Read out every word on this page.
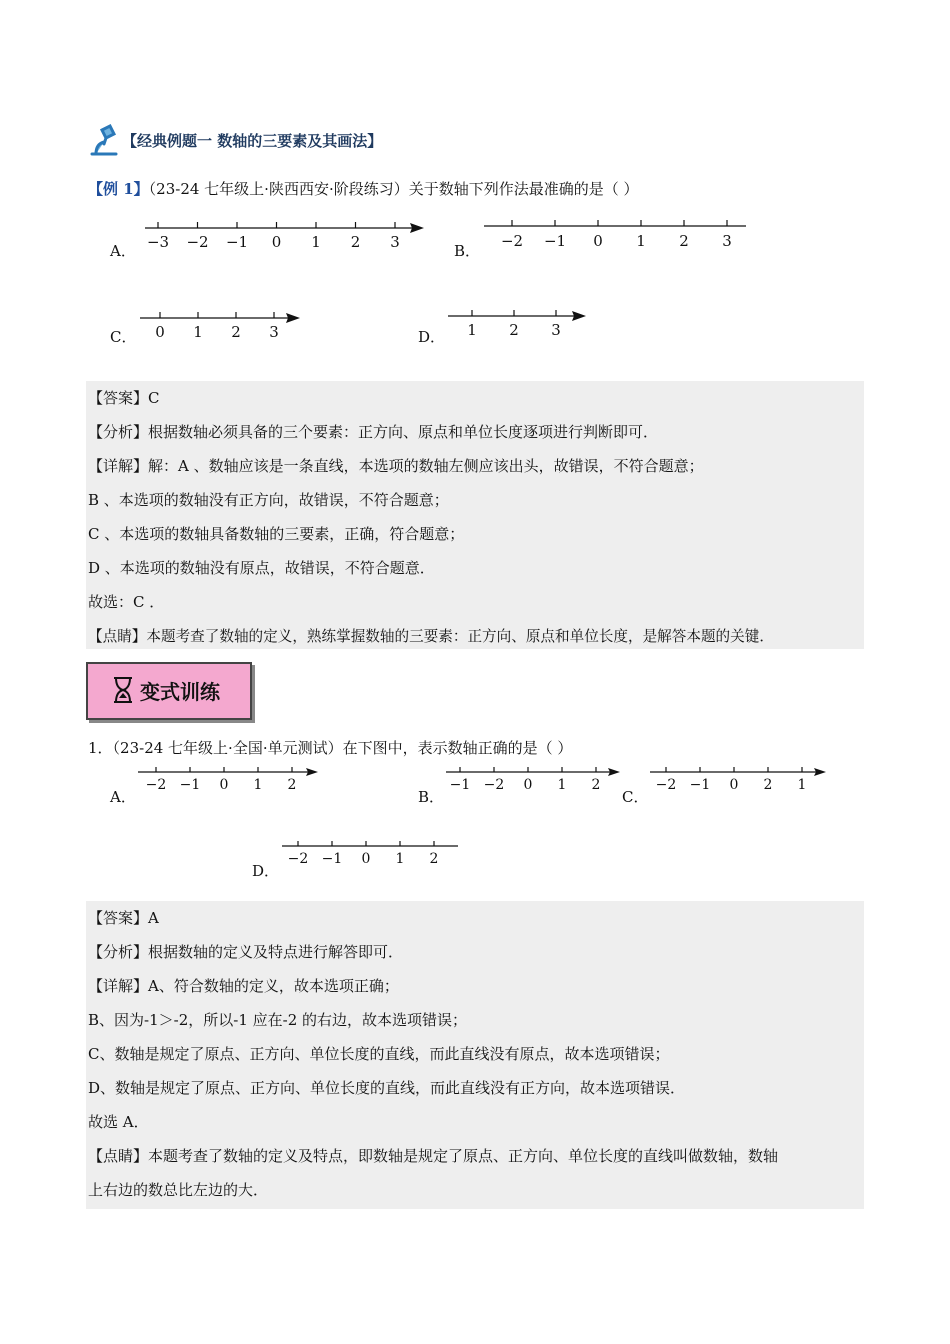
【经典例题一 数轴的三要素及其画法】
【例 1】（23-24 七年级上·陕西西安·阶段练习）关于数轴下列作法最准确的是（ ）
A． −3 −2 −1 0 1 2 3	B．
−2 −1 0 1 2 3
C． 0 1 2 3	D． 1 2 3
【答案】C
【分析】根据数轴必须具备的三个要素：正方向、原点和单位长度逐项进行判断即可．
【详解】解：A 、数轴应该是一条直线，本选项的数轴左侧应该出头，故错误，不符合题意；
B 、本选项的数轴没有正方向，故错误，不符合题意；
C 、本选项的数轴具备数轴的三要素，正确，符合题意；
D 、本选项的数轴没有原点，故错误，不符合题意．
故选：C ．
【点睛】本题考查了数轴的定义，熟练掌握数轴的三要素：正方向、原点和单位长度，是解答本题的关键．
变式训练
1．（23-24 七年级上·全国·单元测试）在下图中，表示数轴正确的是（ ）
A．
−2 −1 0 1 2
B．
−1 −2 0 1 2
C．
−2 −1 0 2 1
D．
−2 −1 0 1 2
【答案】A
【分析】根据数轴的定义及特点进行解答即可．
【详解】A、符合数轴的定义，故本选项正确；
B、因为-1＞-2，所以-1 应在-2 的右边，故本选项错误；
C、数轴是规定了原点、正方向、单位长度的直线，而此直线没有原点，故本选项错误；
D、数轴是规定了原点、正方向、单位长度的直线，而此直线没有正方向，故本选项错误．
故选 A．
【点睛】本题考查了数轴的定义及特点，即数轴是规定了原点、正方向、单位长度的直线叫做数轴，数轴
上右边的数总比左边的大．
